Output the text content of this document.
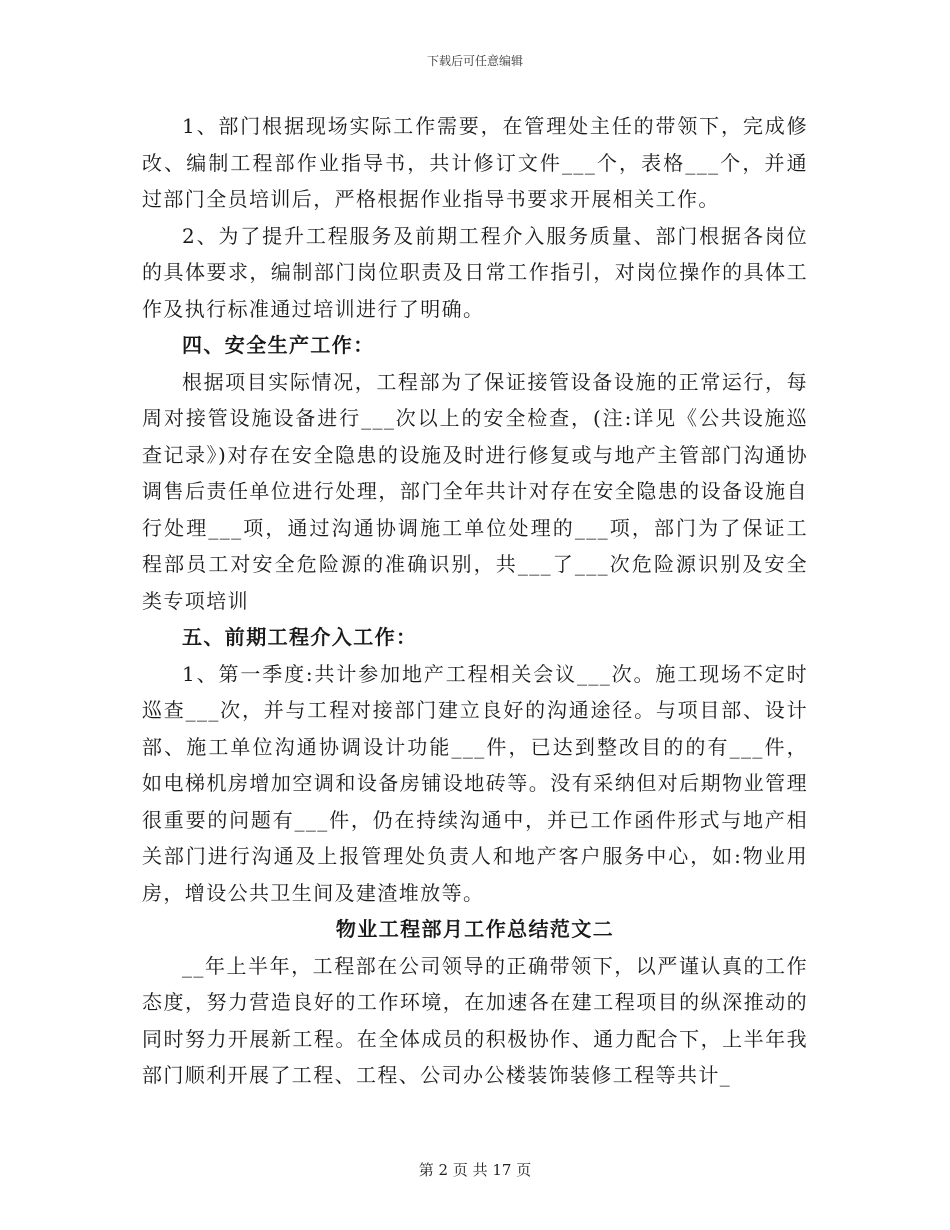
下载后可任意编辑

1、部门根据现场实际工作需要，在管理处主任的带领下，完成修改、编制工程部作业指导书，共计修订文件___个，表格___个，并通过部门全员培训后，严格根据作业指导书要求开展相关工作。

2、为了提升工程服务及前期工程介入服务质量、部门根据各岗位的具体要求，编制部门岗位职责及日常工作指引，对岗位操作的具体工作及执行标准通过培训进行了明确。

四、安全生产工作：

根据项目实际情况，工程部为了保证接管设备设施的正常运行，每周对接管设施设备进行___次以上的安全检查，(注:详见《公共设施巡查记录》)对存在安全隐患的设施及时进行修复或与地产主管部门沟通协调售后责任单位进行处理，部门全年共计对存在安全隐患的设备设施自行处理___项，通过沟通协调施工单位处理的___项，部门为了保证工程部员工对安全危险源的准确识别，共___了___次危险源识别及安全类专项培训

五、前期工程介入工作：

1、第一季度:共计参加地产工程相关会议___次。施工现场不定时巡查___次，并与工程对接部门建立良好的沟通途径。与项目部、设计部、施工单位沟通协调设计功能___件，已达到整改目的的有___件，如电梯机房增加空调和设备房铺设地砖等。没有采纳但对后期物业管理很重要的问题有___件，仍在持续沟通中，并已工作函件形式与地产相关部门进行沟通及上报管理处负责人和地产客户服务中心，如:物业用房，增设公共卫生间及建渣堆放等。

物业工程部月工作总结范文二

__年上半年，工程部在公司领导的正确带领下，以严谨认真的工作态度，努力营造良好的工作环境，在加速各在建工程项目的纵深推动的同时努力开展新工程。在全体成员的积极协作、通力配合下，上半年我部门顺利开展了工程、工程、公司办公楼装饰装修工程等共计_

第 2 页 共 17 页
